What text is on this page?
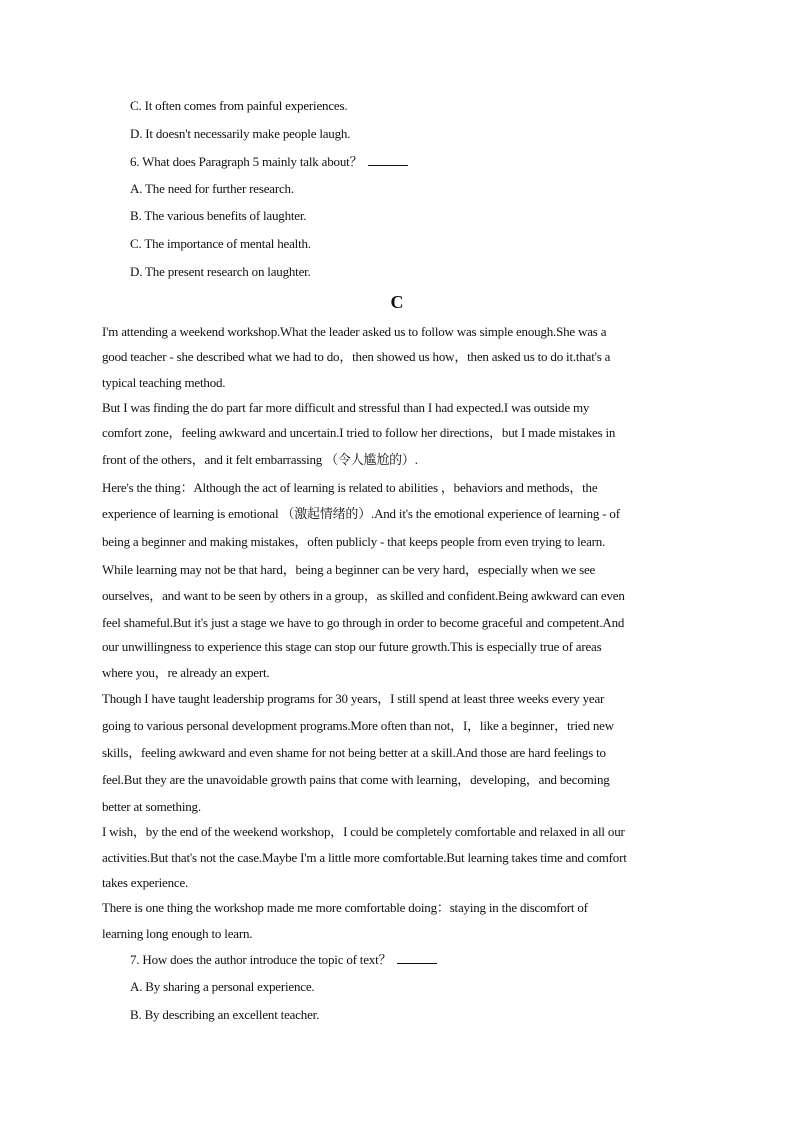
C. It often comes from painful experiences.
D. It doesn't necessarily make people laugh.
6. What does Paragraph 5 mainly talk about？
A. The need for further research.
B. The various benefits of laughter.
C. The importance of mental health.
D. The present research on laughter.
C
I'm attending a weekend workshop.What the leader asked us to follow was simple enough.She was a
good teacher - she described what we had to do，then showed us how，then asked us to do it.that's a
typical teaching method.
But I was finding the do part far more difficult and stressful than I had expected.I was outside my
comfort zone，feeling awkward and uncertain.I tried to follow her directions，but I made mistakes in
front of the others，and it felt embarrassing （令人尴尬的）.
Here's the thing：Although the act of learning is related to abilities ，behaviors and methods，the
experience of learning is emotional （激起情绪的）.And it's the emotional experience of learning - of
being a beginner and making mistakes，often publicly - that keeps people from even trying to learn.
While learning may not be that hard，being a beginner can be very hard，especially when we see
ourselves，and want to be seen by others in a group，as skilled and confident.Being awkward can even
feel shameful.But it's just a stage we have to go through in order to become graceful and competent.And
our unwillingness to experience this stage can stop our future growth.This is especially true of areas
where you，re already an expert.
Though I have taught leadership programs for 30 years，I still spend at least three weeks every year
going to various personal development programs.More often than not，I，like a beginner，tried new
skills，feeling awkward and even shame for not being better at a skill.And those are hard feelings to
feel.But they are the unavoidable growth pains that come with learning，developing，and becoming
better at something.
I wish，by the end of the weekend workshop，I could be completely comfortable and relaxed in all our
activities.But that's not the case.Maybe I'm a little more comfortable.But learning takes time and comfort
takes experience.
There is one thing the workshop made me more comfortable doing：staying in the discomfort of
learning long enough to learn.
7. How does the author introduce the topic of text？
A. By sharing a personal experience.
B. By describing an excellent teacher.
